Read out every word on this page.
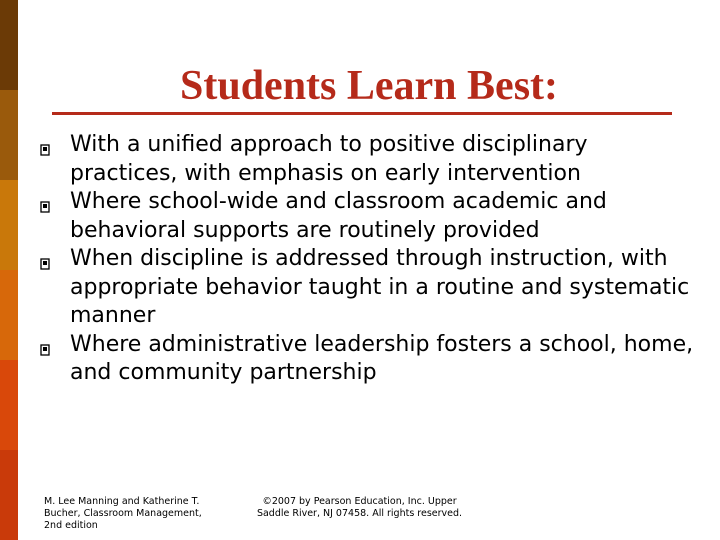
Students Learn Best:
With a unified approach to positive disciplinary practices, with emphasis on early intervention
Where school-wide and classroom academic and behavioral supports are routinely provided
When discipline is addressed through instruction, with appropriate behavior taught in a routine and systematic manner
Where administrative leadership fosters a school, home, and community partnership
M. Lee Manning and Katherine T. Bucher, Classroom Management, 2nd edition
©2007 by Pearson Education, Inc. Upper Saddle River, NJ 07458. All rights reserved.
